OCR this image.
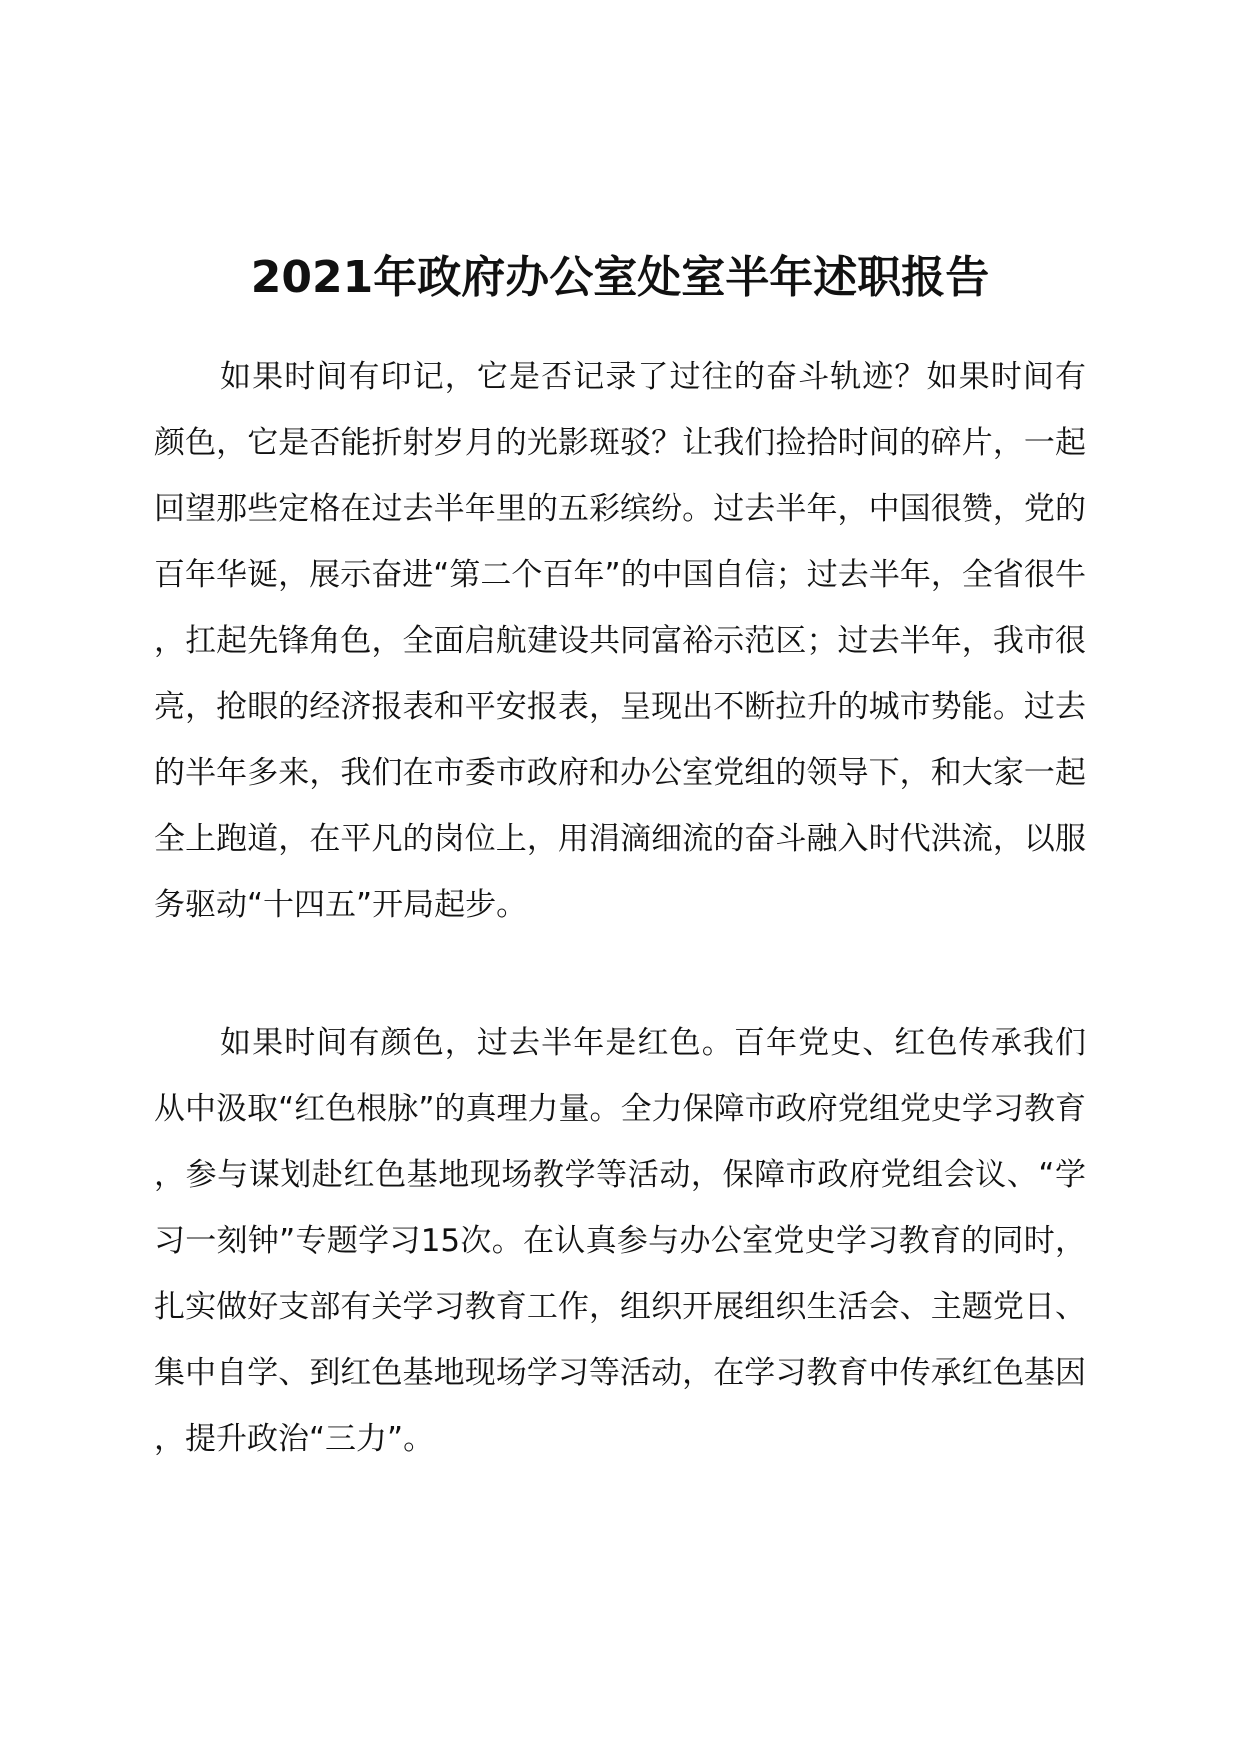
2021年政府办公室处室半年述职报告

如果时间有印记，它是否记录了过往的奋斗轨迹？如果时间有颜色，它是否能折射岁月的光影斑驳？让我们捡拾时间的碎片，一起回望那些定格在过去半年里的五彩缤纷。过去半年，中国很赞，党的百年华诞，展示奋进“第二个百年”的中国自信；过去半年，全省很牛，扛起先锋角色，全面启航建设共同富裕示范区；过去半年，我市很亮，抢眼的经济报表和平安报表，呈现出不断拉升的城市势能。过去的半年多来，我们在市委市政府和办公室党组的领导下，和大家一起全上跑道，在平凡的岗位上，用涓滴细流的奋斗融入时代洪流，以服务驱动“十四五”开局起步。

如果时间有颜色，过去半年是红色。百年党史、红色传承我们从中汲取“红色根脉”的真理力量。全力保障市政府党组党史学习教育，参与谋划赴红色基地现场教学等活动，保障市政府党组会议、“学习一刻钟”专题学习15次。在认真参与办公室党史学习教育的同时，扎实做好支部有关学习教育工作，组织开展组织生活会、主题党日、集中自学、到红色基地现场学习等活动，在学习教育中传承红色基因，提升政治“三力”。
